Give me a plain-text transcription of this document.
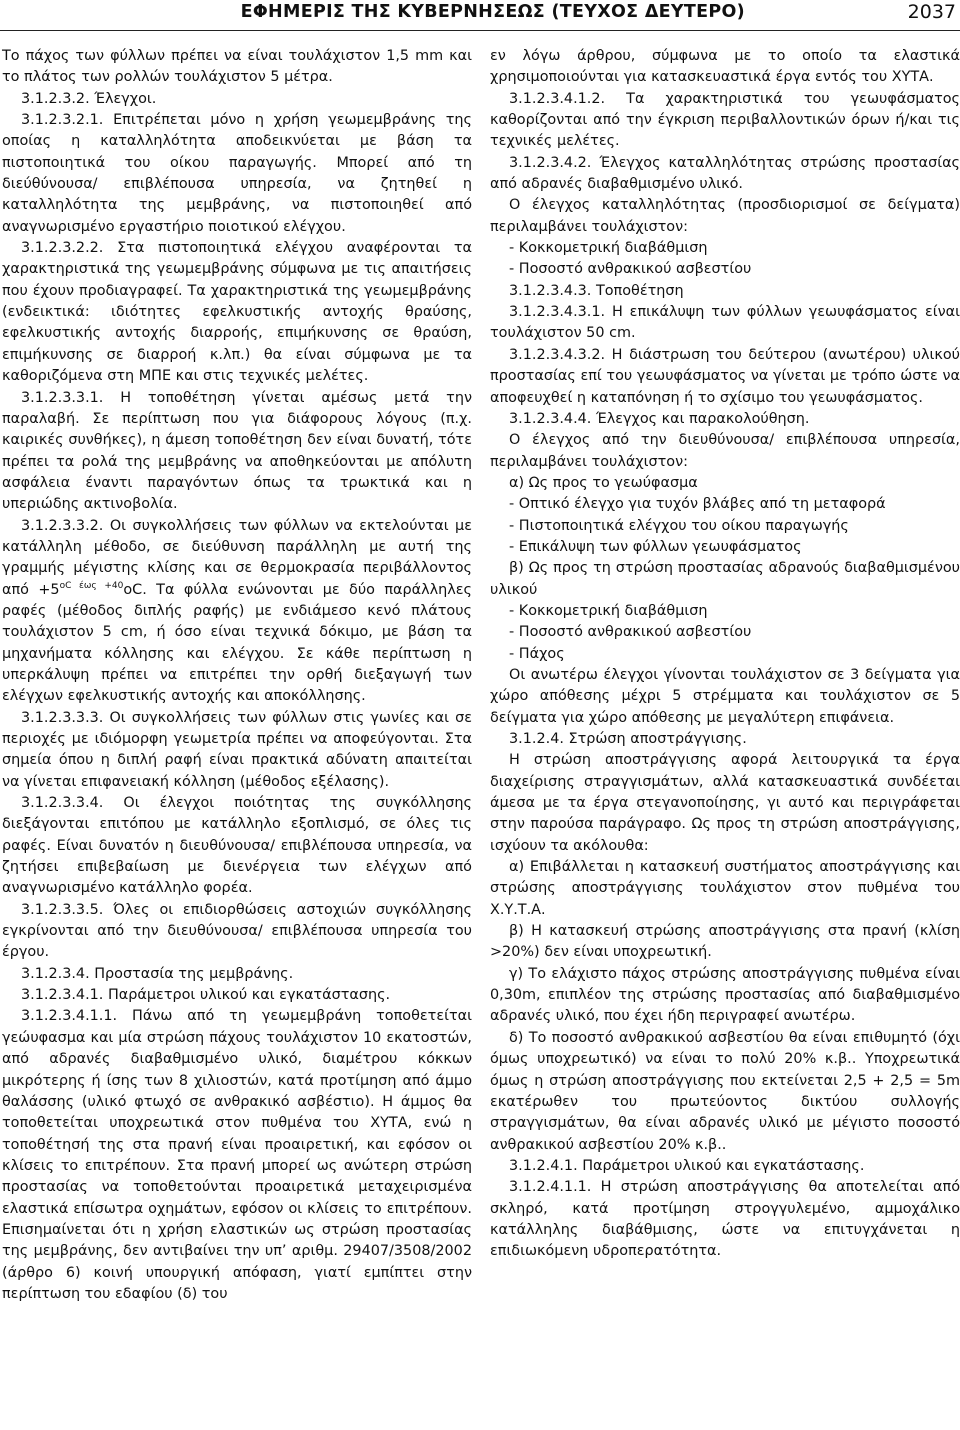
ΕΦΗΜΕΡΙΣ ΤΗΣ ΚΥΒΕΡΝΗΣΕΩΣ (ΤΕΥΧΟΣ ΔΕΥΤΕΡΟ)	2037

Το πάχος των φύλλων πρέπει να είναι τουλάχιστον 1,5 mm και το πλάτος των ρολλών τουλάχιστον 5 μέτρα.

3.1.2.3.2. Έλεγχοι.

3.1.2.3.2.1. Επιτρέπεται μόνο η χρήση γεωμεμβράνης της οποίας η καταλληλότητα αποδεικνύεται με βάση τα πιστοποιητικά του οίκου παραγωγής. Μπορεί από τη διεύθύνουσα/ επιβλέπουσα υπηρεσία, να ζητηθεί η καταλληλότητα της μεμβράνης, να πιστοποιηθεί από αναγνωρισμένο εργαστήριο ποιοτικού ελέγχου.

3.1.2.3.2.2. Στα πιστοποιητικά ελέγχου αναφέρονται τα χαρακτηριστικά της γεωμεμβράνης σύμφωνα με τις απαιτήσεις που έχουν προδιαγραφεί. Τα χαρακτηριστικά της γεωμεμβράνης (ενδεικτικά: ιδιότητες εφελκυστικής αντοχής θραύσης, εφελκυστικής αντοχής διαρροής, επιμήκυνσης σε θραύση, επιμήκυνσης σε διαρροή κ.λπ.) θα είναι σύμφωνα με τα καθοριζόμενα στη ΜΠΕ και στις τεχνικές μελέτες.

3.1.2.3.3.1. Η τοποθέτηση γίνεται αμέσως μετά την παραλαβή. Σε περίπτωση που για διάφορους λόγους (π.χ. καιρικές συνθήκες), η άμεση τοποθέτηση δεν είναι δυνατή, τότε πρέπει τα ρολά της μεμβράνης να αποθηκεύονται με απόλυτη ασφάλεια έναντι παραγόντων όπως τα τρωκτικά και η υπεριώδης ακτινοβολία.

3.1.2.3.3.2. Οι συγκολλήσεις των φύλλων να εκτελούνται με κατάλληλη μέθοδο, σε διεύθυνση παράλληλη με αυτή της γραμμής μέγιστης κλίσης και σε θερμοκρασία περιβάλλοντος $\alpha\pi ό +5^{oC έ\omega\varsigma +40}oC$. Τα φύλλα ενώνονται με δύο παράλληλες ραφές (μέθοδος διπλής ραφής) με ενδιάμεσο κενό πλάτους τουλάχιστον 5 cm, ή όσο είναι τεχνικά δόκιμο, με βάση τα μηχανήματα κόλλησης και ελέγχου. Σε κάθε περίπτωση η υπερκάλυψη πρέπει να επιτρέπει την ορθή διεξαγωγή των ελέγχων εφελκυστικής αντοχής και αποκόλλησης.

3.1.2.3.3.3. Οι συγκολλήσεις των φύλλων στις γωνίες και σε περιοχές με ιδιόμορφη γεωμετρία πρέπει να αποφεύγονται. Στα σημεία όπου η διπλή ραφή είναι πρακτικά αδύνατη απαιτείται να γίνεται επιφανειακή κόλληση (μέθοδος εξέλασης).

3.1.2.3.3.4. Οι έλεγχοι ποιότητας της συγκόλλησης διεξάγονται επιτόπου με κατάλληλο εξοπλισμό, σε όλες τις ραφές. Είναι δυνατόν η διευθύνουσα/ επιβλέπουσα υπηρεσία, να ζητήσει επιβεβαίωση με διενέργεια των ελέγχων από αναγνωρισμένο κατάλληλο φορέα.

3.1.2.3.3.5. Όλες οι επιδιορθώσεις αστοχιών συγκόλλησης εγκρίνονται από την διευθύνουσα/ επιβλέπουσα υπηρεσία του έργου.

3.1.2.3.4. Προστασία της μεμβράνης.

3.1.2.3.4.1. Παράμετροι υλικού και εγκατάστασης.

3.1.2.3.4.1.1. Πάνω από τη γεωμεμβράνη τοποθετείται γεώυφασμα και μία στρώση πάχους τουλάχιστον 10 εκατοστών, από αδρανές διαβαθμισμένο υλικό, διαμέτρου κόκκων μικρότερης ή ίσης των 8 χιλιοστών, κατά προτίμηση από άμμο θαλάσσης (υλικό φτωχό σε ανθρακικό ασβέστιο). Η άμμος θα τοποθετείται υποχρεωτικά στον πυθμένα του ΧΥΤΑ, ενώ η τοποθέτησή της στα πρανή είναι προαιρετική, και εφόσον οι κλίσεις το επιτρέπουν. Στα πρανή μπορεί ως ανώτερη στρώση προστασίας να τοποθετούνται προαιρετικά μεταχειρισμένα ελαστικά επίσωτρα οχημάτων, εφόσον οι κλίσεις το επιτρέπουν. Επισημαίνεται ότι η χρήση ελαστικών ως στρώση προστασίας της μεμβράνης, δεν αντιβαίνει την υπ’ αριθμ. 29407/3508/2002 (άρθρο 6) κοινή υπουργική απόφαση, γιατί εμπίπτει στην περίπτωση του εδαφίου (δ) του

εν λόγω άρθρου, σύμφωνα με το οποίο τα ελαστικά χρησιμοποιούνται για κατασκευαστικά έργα εντός του ΧΥΤΑ.

3.1.2.3.4.1.2. Τα χαρακτηριστικά του γεωυφάσματος καθορίζονται από την έγκριση περιβαλλοντικών όρων ή/και τις τεχνικές μελέτες.

3.1.2.3.4.2. Έλεγχος καταλληλότητας στρώσης προστασίας από αδρανές διαβαθμισμένο υλικό.

Ο έλεγχος καταλληλότητας (προσδιορισμοί σε δείγματα) περιλαμβάνει τουλάχιστον:

- Κοκκομετρική διαβάθμιση

- Ποσοστό ανθρακικού ασβεστίου

3.1.2.3.4.3. Τοποθέτηση

3.1.2.3.4.3.1. Η επικάλυψη των φύλλων γεωυφάσματος είναι τουλάχιστον 50 cm.

3.1.2.3.4.3.2. Η διάστρωση του δεύτερου (ανωτέρου) υλικού προστασίας επί του γεωυφάσματος να γίνεται με τρόπο ώστε να αποφευχθεί η καταπόνηση ή το σχίσιμο του γεωυφάσματος.

3.1.2.3.4.4. Έλεγχος και παρακολούθηση.

Ο έλεγχος από την διευθύνουσα/ επιβλέπουσα υπηρεσία, περιλαμβάνει τουλάχιστον:

α) Ως προς το γεωύφασμα

- Οπτικό έλεγχο για τυχόν βλάβες από τη μεταφορά

- Πιστοποιητικά ελέγχου του οίκου παραγωγής

- Επικάλυψη των φύλλων γεωυφάσματος

β) Ως προς τη στρώση προστασίας αδρανούς διαβαθμισμένου υλικού

- Κοκκομετρική διαβάθμιση

- Ποσοστό ανθρακικού ασβεστίου

- Πάχος

Οι ανωτέρω έλεγχοι γίνονται τουλάχιστον σε 3 δείγματα για χώρο απόθεσης μέχρι 5 στρέμματα και τουλάχιστον σε 5 δείγματα για χώρο απόθεσης με μεγαλύτερη επιφάνεια.

3.1.2.4. Στρώση αποστράγγισης.

Η στρώση αποστράγγισης αφορά λειτουργικά τα έργα διαχείρισης στραγγισμάτων, αλλά κατασκευαστικά συνδέεται άμεσα με τα έργα στεγανοποίησης, γι αυτό και περιγράφεται στην παρούσα παράγραφο. Ως προς τη στρώση αποστράγγισης, ισχύουν τα ακόλουθα:

α) Επιβάλλεται η κατασκευή συστήματος αποστράγγισης και στρώσης αποστράγγισης τουλάχιστον στον πυθμένα του Χ.Υ.Τ.Α.

β) Η κατασκευή στρώσης αποστράγγισης στα πρανή (κλίση >20%) δεν είναι υποχρεωτική.

γ) Το ελάχιστο πάχος στρώσης αποστράγγισης πυθμένα είναι 0,30m, επιπλέον της στρώσης προστασίας από διαβαθμισμένο αδρανές υλικό, που έχει ήδη περιγραφεί ανωτέρω.

δ) Το ποσοστό ανθρακικού ασβεστίου θα είναι επιθυμητό (όχι όμως υποχρεωτικό) να είναι το πολύ 20% κ.β.. Υποχρεωτικά όμως η στρώση αποστράγγισης που εκτείνεται 2,5 + 2,5 = 5m εκατέρωθεν του πρωτεύοντος δικτύου συλλογής στραγγισμάτων, θα είναι αδρανές υλικό με μέγιστο ποσοστό ανθρακικού ασβεστίου 20% κ.β..

3.1.2.4.1. Παράμετροι υλικού και εγκατάστασης.

3.1.2.4.1.1. Η στρώση αποστράγγισης θα αποτελείται από σκληρό, κατά προτίμηση στρογγυλεμένο, αμμοχάλικο κατάλληλης διαβάθμισης, ώστε να επιτυγχάνεται η επιδιωκόμενη υδροπερατότητα.
